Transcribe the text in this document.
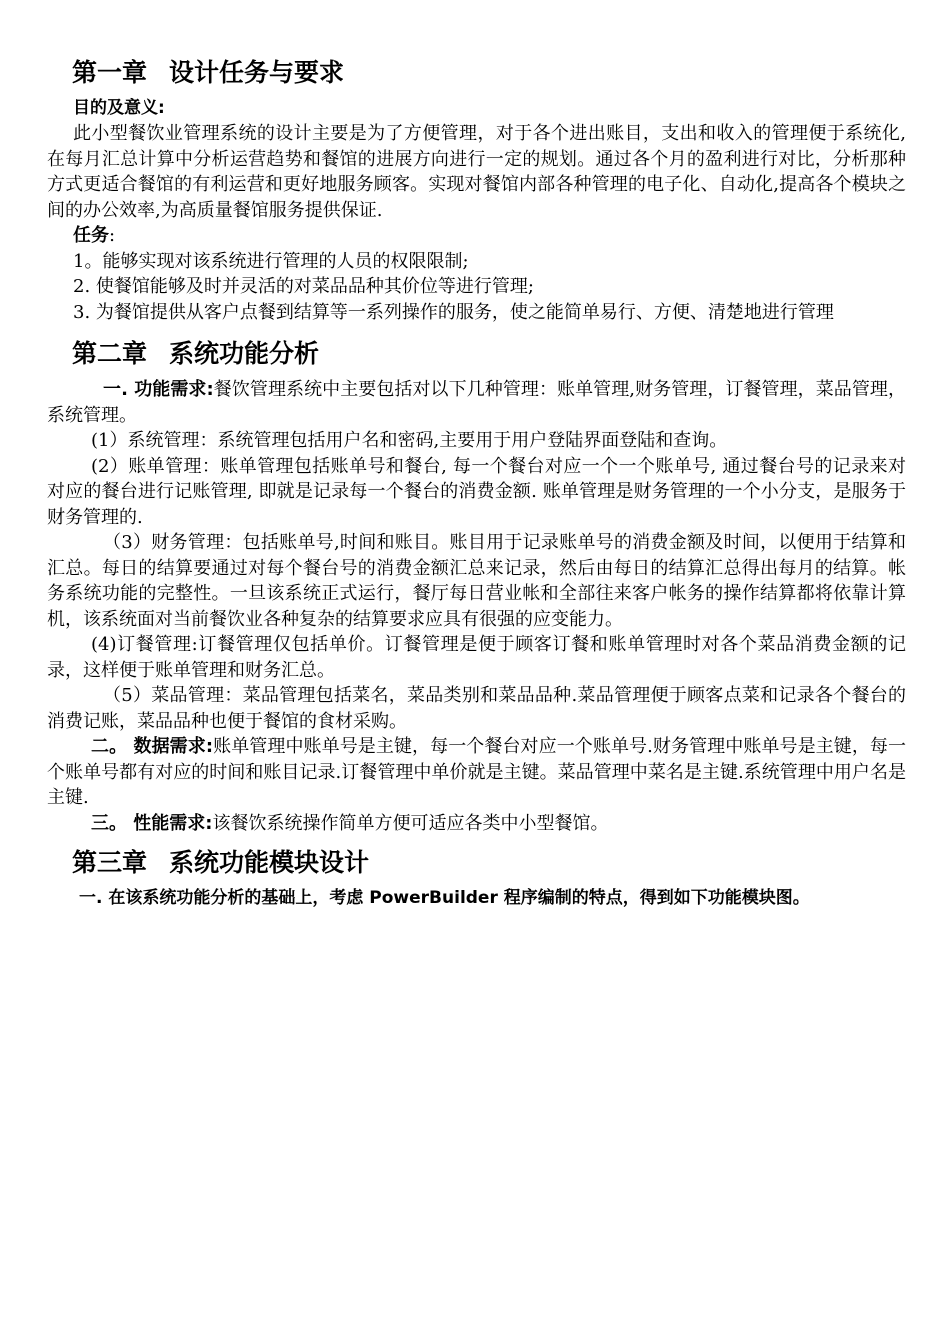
第一章 设计任务与要求
目的及意义:

此小型餐饮业管理系统的设计主要是为了方便管理，对于各个进出账目，支出和收入的管理便于系统化,在每月汇总计算中分析运营趋势和餐馆的进展方向进行一定的规划。通过各个月的盈利进行对比，分析那种方式更适合餐馆的有利运营和更好地服务顾客。实现对餐馆内部各种管理的电子化、自动化,提高各个模块之间的办公效率,为高质量餐馆服务提供保证.

任务:
1。能够实现对该系统进行管理的人员的权限限制;
2. 使餐馆能够及时并灵活的对菜品品种其价位等进行管理;
3. 为餐馆提供从客户点餐到结算等一系列操作的服务，使之能简单易行、方便、清楚地进行管理
第二章 系统功能分析

一. 功能需求:餐饮管理系统中主要包括对以下几种管理：账单管理,财务管理，订餐管理，菜品管理，系统管理。

(1）系统管理：系统管理包括用户名和密码,主要用于用户登陆界面登陆和查询。

(2）账单管理：账单管理包括账单号和餐台, 每一个餐台对应一个一个账单号, 通过餐台号的记录来对对应的餐台进行记账管理, 即就是记录每一个餐台的消费金额. 账单管理是财务管理的一个小分支，是服务于财务管理的.

（3）财务管理：包括账单号,时间和账目。账目用于记录账单号的消费金额及时间，以便用于结算和汇总。每日的结算要通过对每个餐台号的消费金额汇总来记录，然后由每日的结算汇总得出每月的结算。帐务系统功能的完整性。一旦该系统正式运行，餐厅每日营业帐和全部往来客户帐务的操作结算都将依靠计算机，该系统面对当前餐饮业各种复杂的结算要求应具有很强的应变能力。

(4)订餐管理:订餐管理仅包括单价。订餐管理是便于顾客订餐和账单管理时对各个菜品消费金额的记录，这样便于账单管理和财务汇总。

（5）菜品管理：菜品管理包括菜名，菜品类别和菜品品种.菜品管理便于顾客点菜和记录各个餐台的消费记账，菜品品种也便于餐馆的食材采购。

二。 数据需求:账单管理中账单号是主键，每一个餐台对应一个账单号.财务管理中账单号是主键，每一个账单号都有对应的时间和账目记录.订餐管理中单价就是主键。菜品管理中菜名是主键.系统管理中用户名是主键.

三。 性能需求:该餐饮系统操作简单方便可适应各类中小型餐馆。

第三章 系统功能模块设计

一. 在该系统功能分析的基础上，考虑 PowerBuilder 程序编制的特点，得到如下功能模块图。
